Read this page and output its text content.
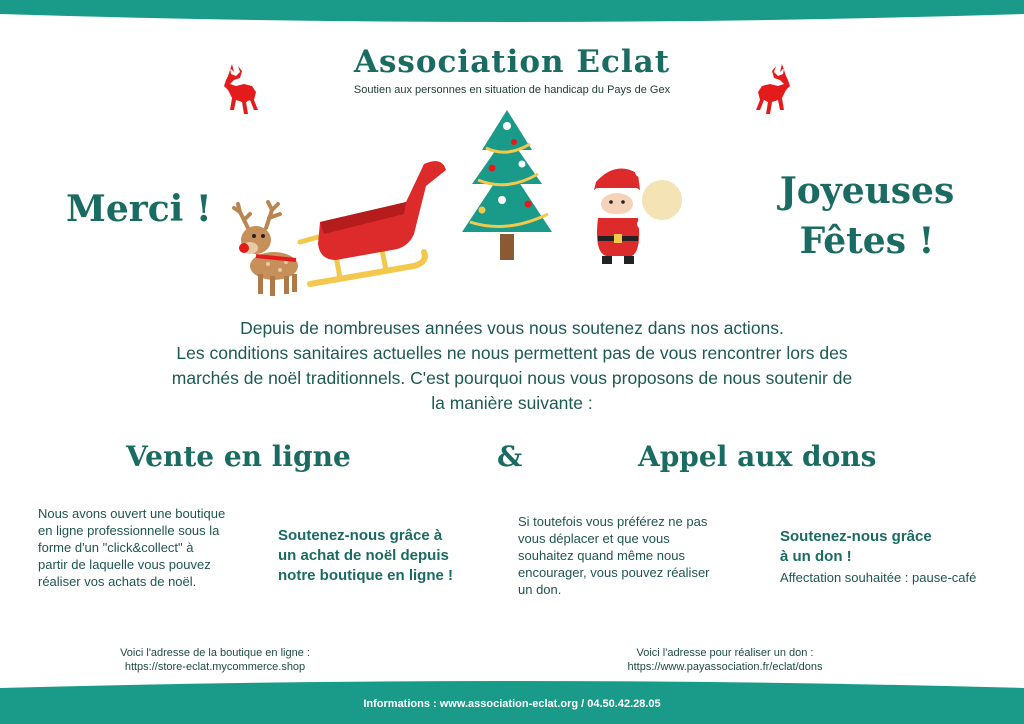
Association Eclat
Soutien aux personnes en situation de handicap du Pays de Gex
Merci !	Joyeuses
Fêtes !
Depuis de nombreuses années vous nous soutenez dans nos actions.
Les conditions sanitaires actuelles ne nous permettent pas de vous rencontrer lors des
marchés de noël traditionnels. C'est pourquoi nous vous proposons de nous soutenir de
la manière suivante :
Vente en ligne	&	Appel aux dons
Nous avons ouvert une boutique
en ligne professionnelle sous la
forme d'un "click&collect" à
partir de laquelle vous pouvez
réaliser vos achats de noël.
Soutenez-nous grâce à
un achat de noël depuis
notre boutique en ligne !
Si toutefois vous préférez ne pas
vous déplacer et que vous
souhaitez quand même nous
encourager, vous pouvez réaliser
un don.
Soutenez-nous grâce
à un don !
Affectation souhaitée : pause-café
Voici l'adresse de la boutique en ligne :
https://store-eclat.mycommerce.shop
Voici l'adresse pour réaliser un don :
https://www.payassociation.fr/eclat/dons
Informations : www.association-eclat.org / 04.50.42.28.05
